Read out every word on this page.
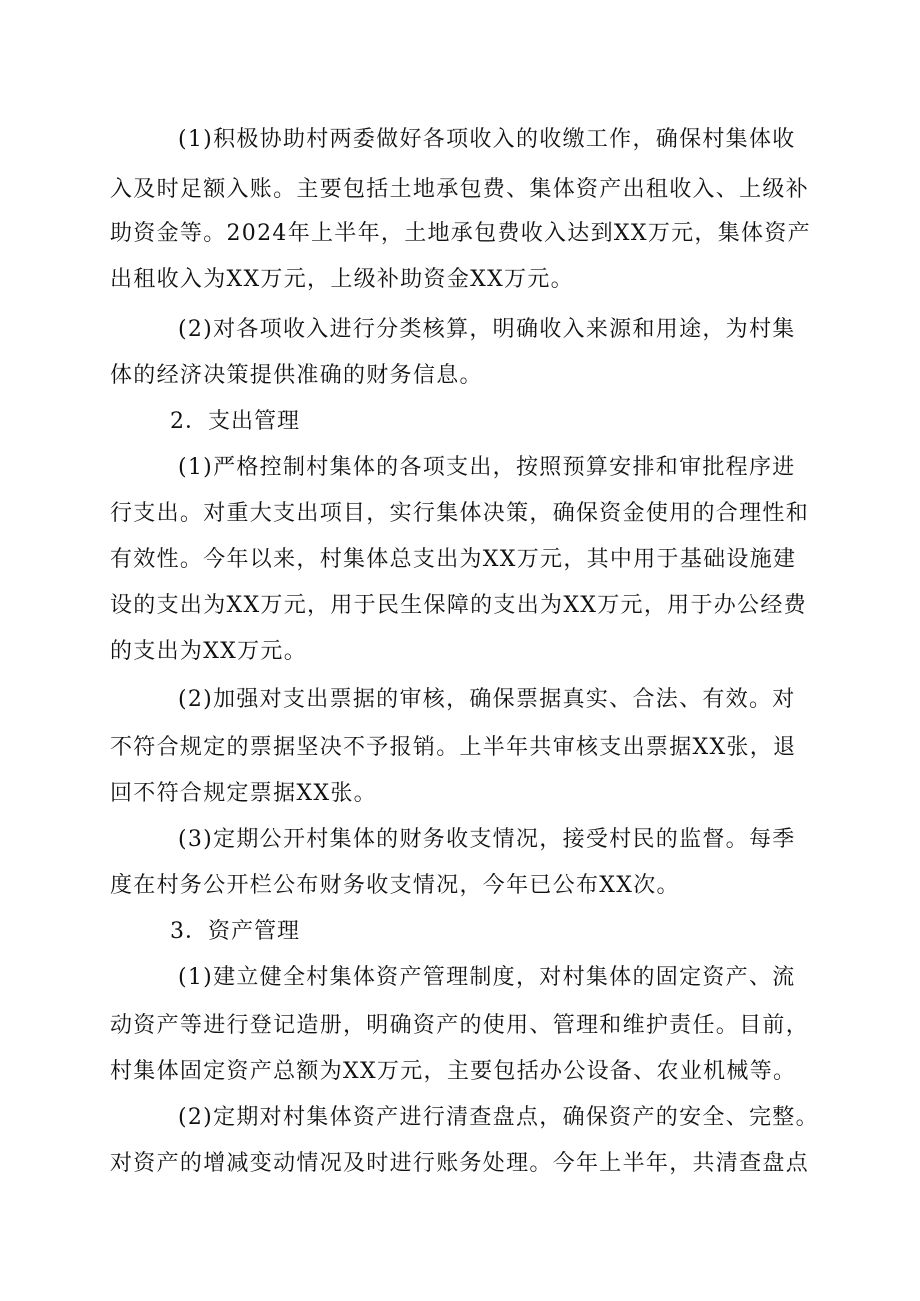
(1)积极协助村两委做好各项收入的收缴工作，确保村集体收

入及时足额入账。主要包括土地承包费、集体资产出租收入、上级补

助资金等。2024年上半年，土地承包费收入达到XX万元，集体资产

出租收入为XX万元，上级补助资金XX万元。

(2)对各项收入进行分类核算，明确收入来源和用途，为村集

体的经济决策提供准确的财务信息。

2．支出管理

(1)严格控制村集体的各项支出，按照预算安排和审批程序进

行支出。对重大支出项目，实行集体决策，确保资金使用的合理性和

有效性。今年以来，村集体总支出为XX万元，其中用于基础设施建

设的支出为XX万元，用于民生保障的支出为XX万元，用于办公经费

的支出为XX万元。

(2)加强对支出票据的审核，确保票据真实、合法、有效。对

不符合规定的票据坚决不予报销。上半年共审核支出票据XX张，退

回不符合规定票据XX张。

(3)定期公开村集体的财务收支情况，接受村民的监督。每季

度在村务公开栏公布财务收支情况，今年已公布XX次。

3．资产管理

(1)建立健全村集体资产管理制度，对村集体的固定资产、流

动资产等进行登记造册，明确资产的使用、管理和维护责任。目前，

村集体固定资产总额为XX万元，主要包括办公设备、农业机械等。

(2)定期对村集体资产进行清查盘点，确保资产的安全、完整。

对资产的增减变动情况及时进行账务处理。今年上半年，共清查盘点
